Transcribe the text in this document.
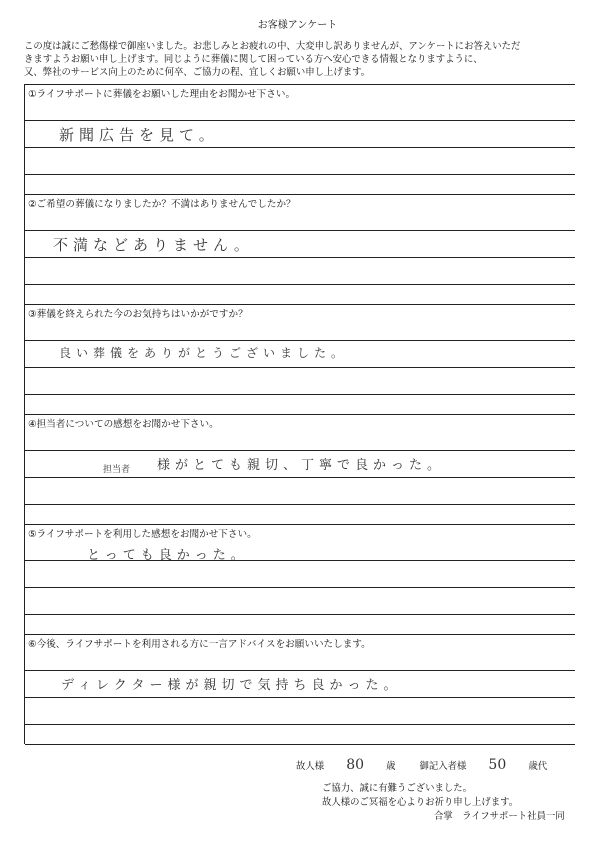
お客様アンケート
この度は誠にご愁傷様で御座いました。お悲しみとお疲れの中、大変申し訳ありませんが、アンケートにお答えいただ
きますようお願い申し上げます。同じように葬儀に関して困っている方へ安心できる情報となりますように、
又、弊社のサービス向上のために何卒、ご協力の程、宜しくお願い申し上げます。
①ライフサポートに葬儀をお願いした理由をお聞かせ下さい。
新聞広告を見て。
②ご希望の葬儀になりましたか？不満はありませんでしたか？
不満などありません。
③葬儀を終えられた今のお気持ちはいかがですか？
良い葬儀をありがとうございました。
④担当者についての感想をお聞かせ下さい。
担当者 様がとても親切、丁寧で良かった。
⑤ライフサポートを利用した感想をお聞かせ下さい。
とっても良かった。
⑥今後、ライフサポートを利用される方に一言アドバイスをお願いいたします。
ディレクター様が親切で気持ち良かった。
故人様 80 歳	御記入者様 50 歳代
ご協力、誠に有難うございました。
故人様のご冥福を心よりお祈り申し上げます。
合掌　ライフサポート社員一同
